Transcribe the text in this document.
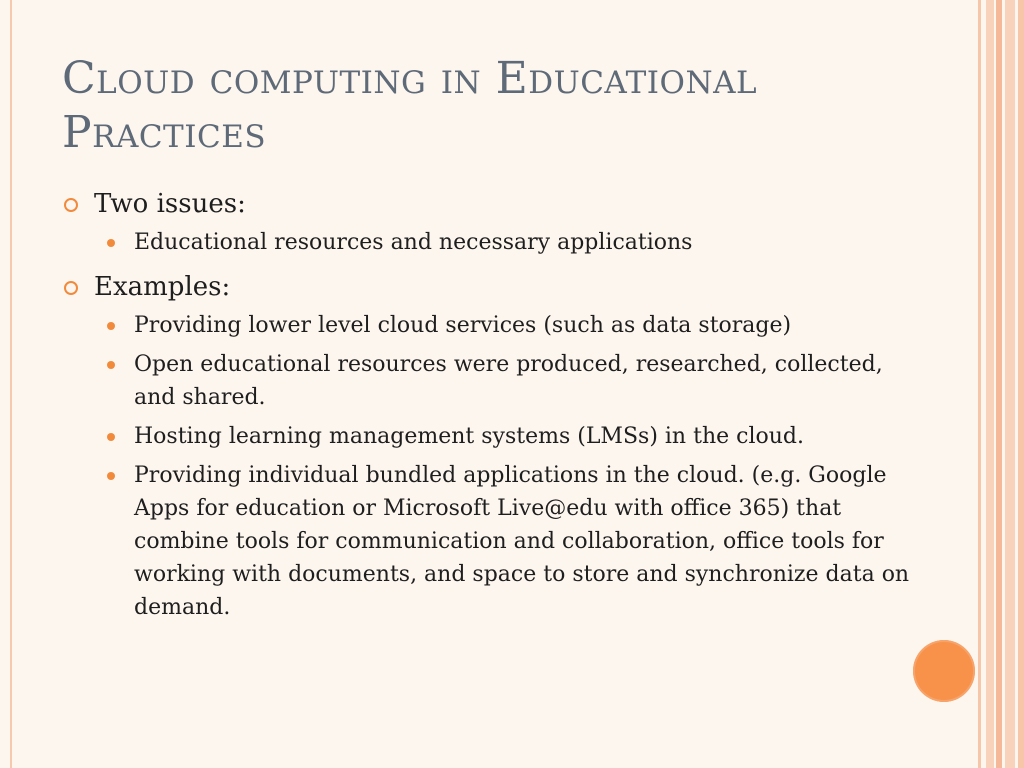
Cloud computing in Educational Practices
Two issues:
Educational resources and necessary applications
Examples:
Providing lower level cloud services (such as data storage)
Open educational resources were produced, researched, collected, and shared.
Hosting learning management systems (LMSs) in the cloud.
Providing individual bundled applications in the cloud. (e.g. Google Apps for education or Microsoft Live@edu with office 365) that combine tools for communication and collaboration, office tools for working with documents, and space to store and synchronize data on demand.
